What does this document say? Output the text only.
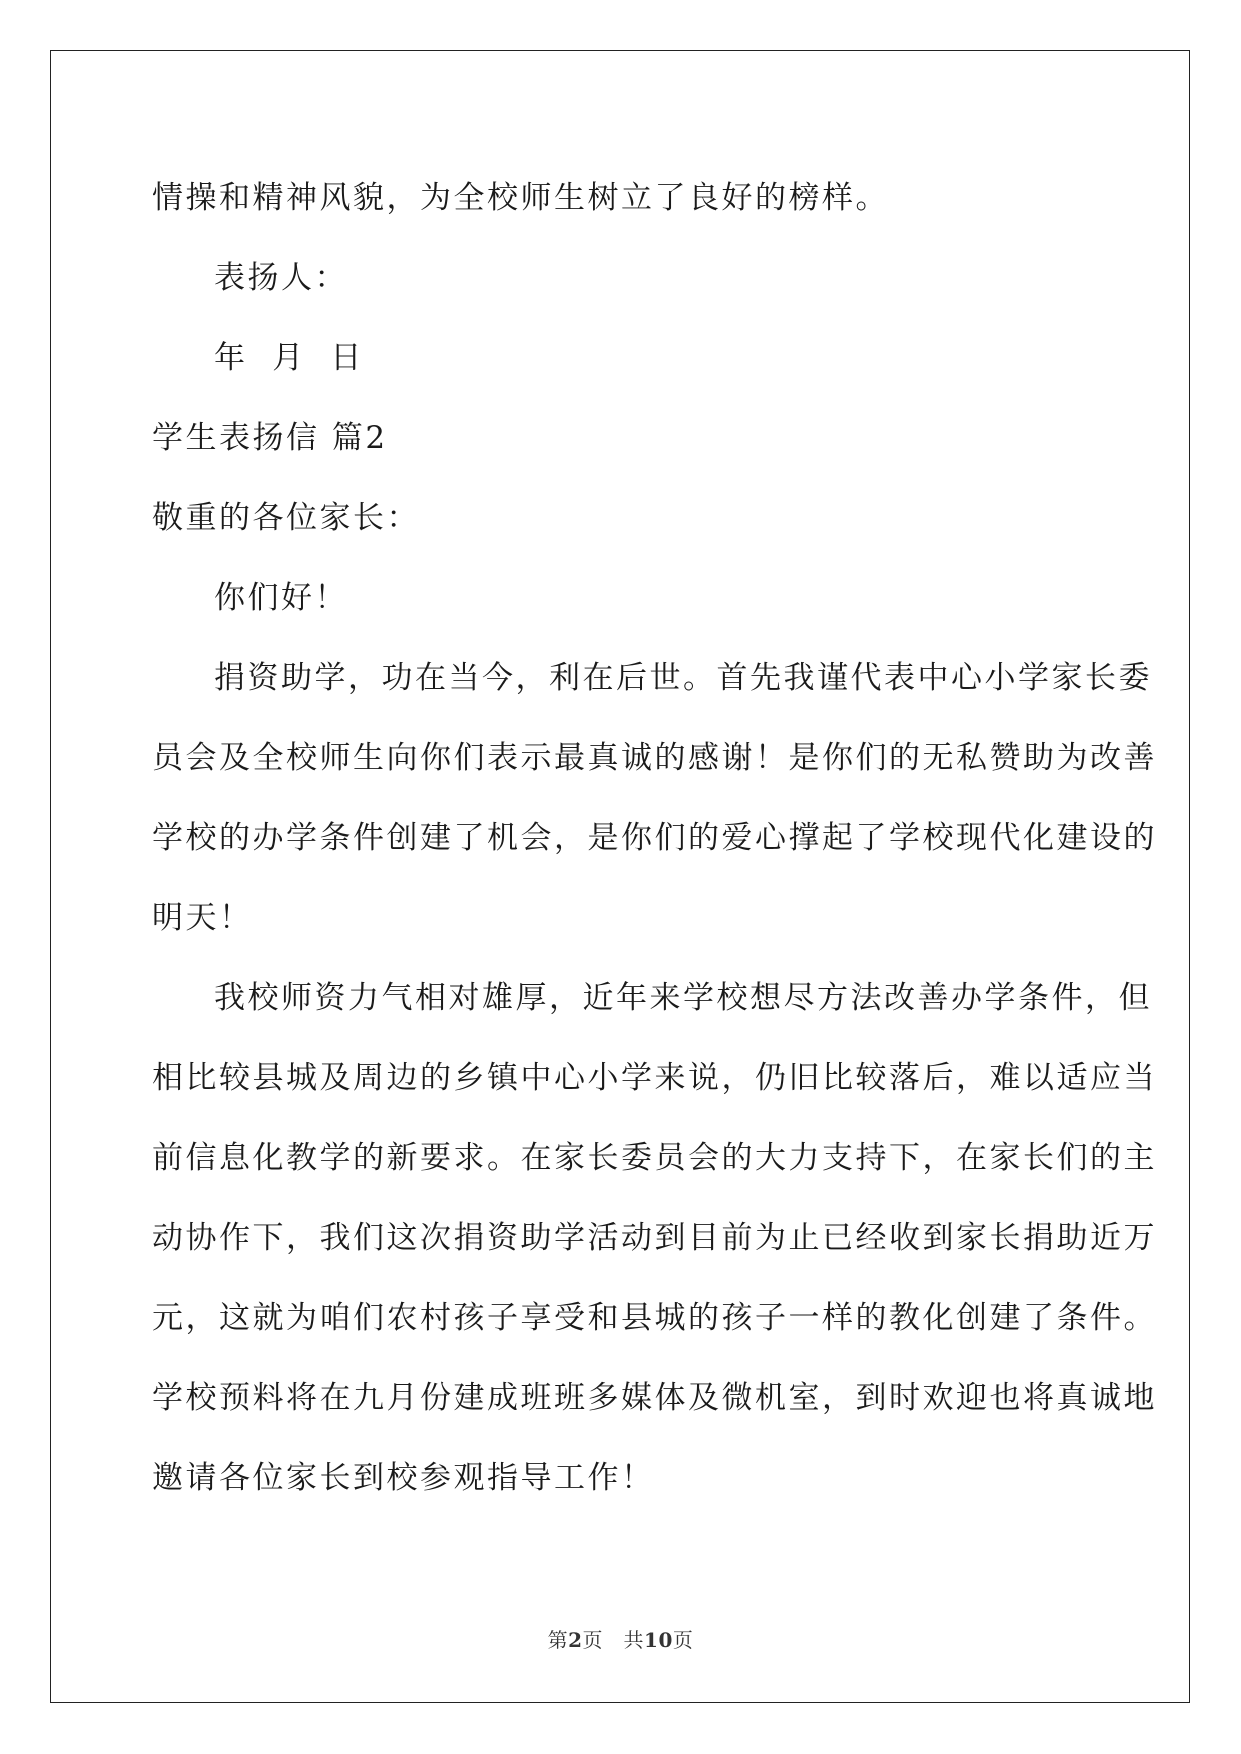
情操和精神风貌，为全校师生树立了良好的榜样。
表扬人：
年  月  日
学生表扬信 篇2
敬重的各位家长：
你们好！
捐资助学，功在当今，利在后世。首先我谨代表中心小学家长委
员会及全校师生向你们表示最真诚的感谢！是你们的无私赞助为改善
学校的办学条件创建了机会，是你们的爱心撑起了学校现代化建设的
明天！
我校师资力气相对雄厚，近年来学校想尽方法改善办学条件，但
相比较县城及周边的乡镇中心小学来说，仍旧比较落后，难以适应当
前信息化教学的新要求。在家长委员会的大力支持下，在家长们的主
动协作下，我们这次捐资助学活动到目前为止已经收到家长捐助近万
元，这就为咱们农村孩子享受和县城的孩子一样的教化创建了条件。
学校预料将在九月份建成班班多媒体及微机室，到时欢迎也将真诚地
邀请各位家长到校参观指导工作！
第2页　共10页
